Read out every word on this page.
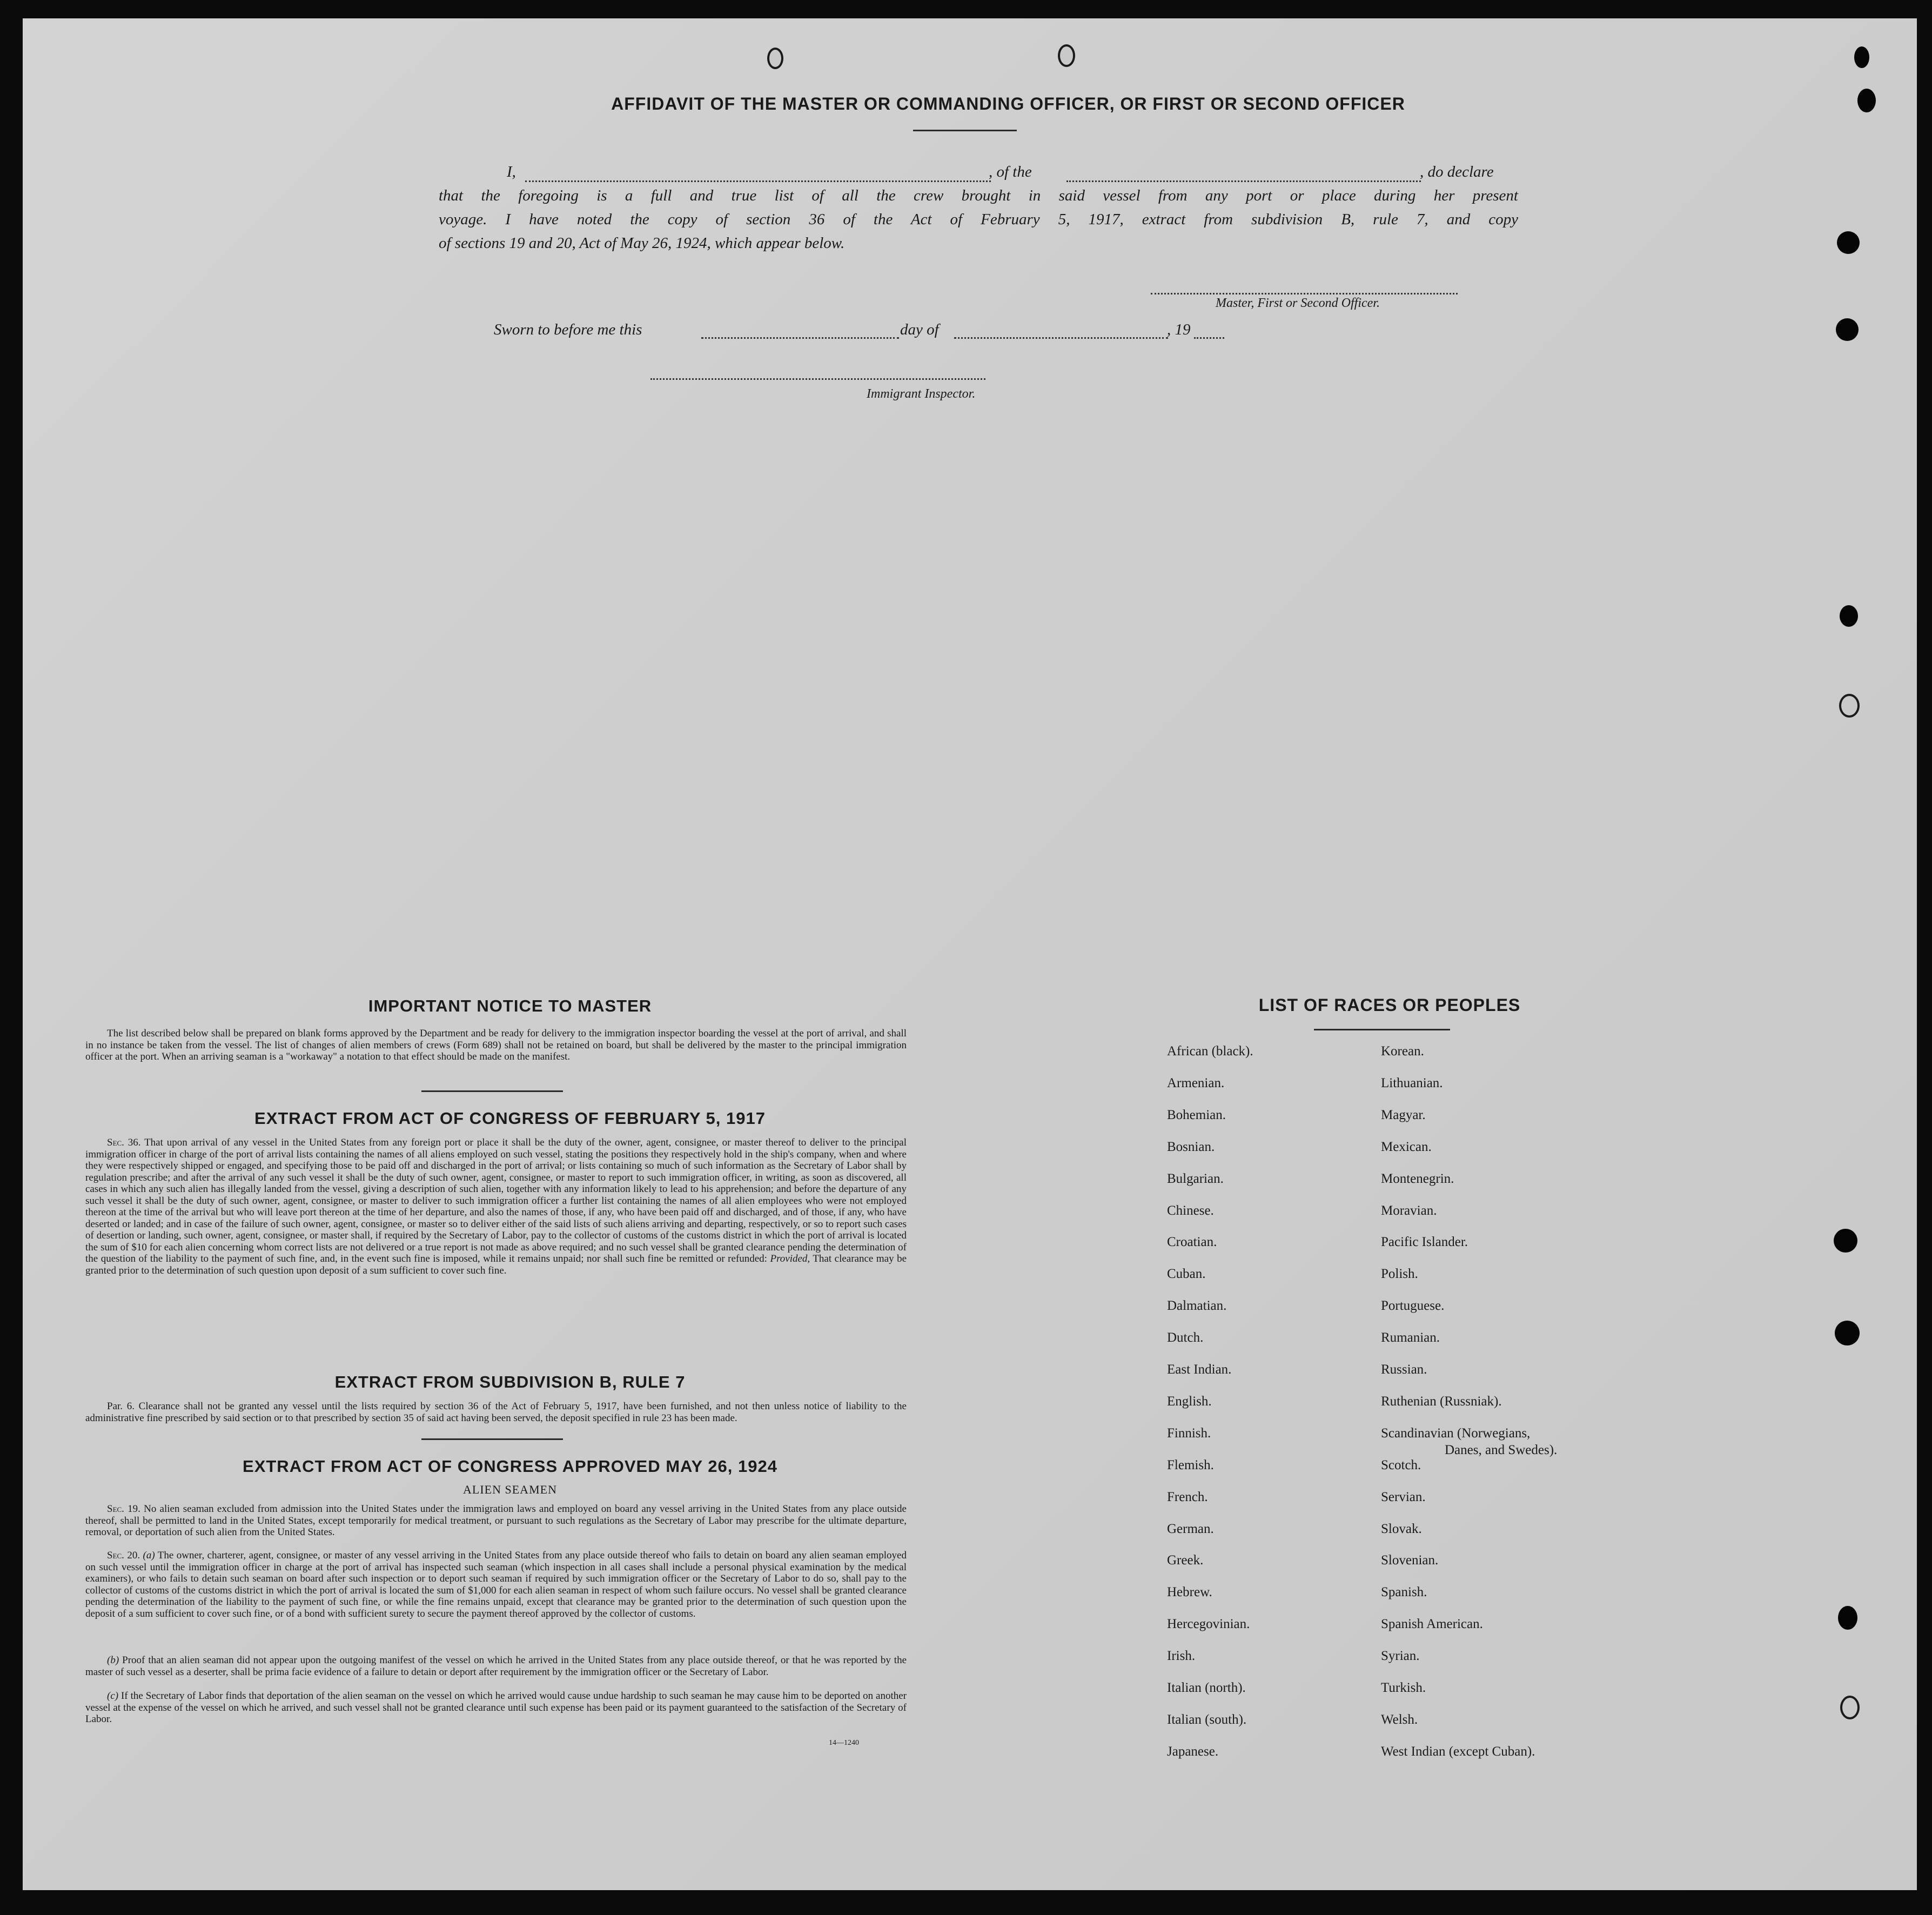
AFFIDAVIT OF THE MASTER OR COMMANDING OFFICER, OR FIRST OR SECOND OFFICER
I,	, of the	, do declare
that the foregoing is a full and true list of all the crew brought in said vessel from any port or place during her present
voyage. I have noted the copy of section 36 of the Act of February 5, 1917, extract from subdivision B, rule 7, and copy
of sections 19 and 20, Act of May 26, 1924, which appear below.
Master, First or Second Officer.
Sworn to before me this	day of	, 19
Immigrant Inspector.
IMPORTANT NOTICE TO MASTER
The list described below shall be prepared on blank forms approved by the Department and be ready for delivery to the immigration inspector boarding the vessel at the port of arrival, and shall in no instance be taken from the vessel. The list of changes of alien members of crews (Form 689) shall not be retained on board, but shall be delivered by the master to the principal immigration officer at the port. When an arriving seaman is a "workaway" a notation to that effect should be made on the manifest.
EXTRACT FROM ACT OF CONGRESS OF FEBRUARY 5, 1917
Sec. 36. That upon arrival of any vessel in the United States from any foreign port or place it shall be the duty of the owner, agent, consignee, or master thereof to deliver to the principal immigration officer in charge of the port of arrival lists containing the names of all aliens employed on such vessel, stating the positions they respectively hold in the ship's company, when and where they were respectively shipped or engaged, and specifying those to be paid off and discharged in the port of arrival; or lists containing so much of such information as the Secretary of Labor shall by regulation prescribe; and after the arrival of any such vessel it shall be the duty of such owner, agent, consignee, or master to report to such immigration officer, in writing, as soon as discovered, all cases in which any such alien has illegally landed from the vessel, giving a description of such alien, together with any information likely to lead to his apprehension; and before the departure of any such vessel it shall be the duty of such owner, agent, consignee, or master to deliver to such immigration officer a further list containing the names of all alien employees who were not employed thereon at the time of the arrival but who will leave port thereon at the time of her departure, and also the names of those, if any, who have been paid off and discharged, and of those, if any, who have deserted or landed; and in case of the failure of such owner, agent, consignee, or master so to deliver either of the said lists of such aliens arriving and departing, respectively, or so to report such cases of desertion or landing, such owner, agent, consignee, or master shall, if required by the Secretary of Labor, pay to the collector of customs of the customs district in which the port of arrival is located the sum of $10 for each alien concerning whom correct lists are not delivered or a true report is not made as above required; and no such vessel shall be granted clearance pending the determination of the question of the liability to the payment of such fine, and, in the event such fine is imposed, while it remains unpaid; nor shall such fine be remitted or refunded: Provided, That clearance may be granted prior to the determination of such question upon deposit of a sum sufficient to cover such fine.
EXTRACT FROM SUBDIVISION B, RULE 7
Par. 6. Clearance shall not be granted any vessel until the lists required by section 36 of the Act of February 5, 1917, have been furnished, and not then unless notice of liability to the administrative fine prescribed by said section or to that prescribed by section 35 of said act having been served, the deposit specified in rule 23 has been made.
EXTRACT FROM ACT OF CONGRESS APPROVED MAY 26, 1924
ALIEN SEAMEN
Sec. 19. No alien seaman excluded from admission into the United States under the immigration laws and employed on board any vessel arriving in the United States from any place outside thereof, shall be permitted to land in the United States, except temporarily for medical treatment, or pursuant to such regulations as the Secretary of Labor may prescribe for the ultimate departure, removal, or deportation of such alien from the United States.
Sec. 20. (a) The owner, charterer, agent, consignee, or master of any vessel arriving in the United States from any place outside thereof who fails to detain on board any alien seaman employed on such vessel until the immigration officer in charge at the port of arrival has inspected such seaman (which inspection in all cases shall include a personal physical examination by the medical examiners), or who fails to detain such seaman on board after such inspection or to deport such seaman if required by such immigration officer or the Secretary of Labor to do so, shall pay to the collector of customs of the customs district in which the port of arrival is located the sum of $1,000 for each alien seaman in respect of whom such failure occurs. No vessel shall be granted clearance pending the determination of the liability to the payment of such fine, or while the fine remains unpaid, except that clearance may be granted prior to the determination of such question upon the deposit of a sum sufficient to cover such fine, or of a bond with sufficient surety to secure the payment thereof approved by the collector of customs.
(b) Proof that an alien seaman did not appear upon the outgoing manifest of the vessel on which he arrived in the United States from any place outside thereof, or that he was reported by the master of such vessel as a deserter, shall be prima facie evidence of a failure to detain or deport after requirement by the immigration officer or the Secretary of Labor.
(c) If the Secretary of Labor finds that deportation of the alien seaman on the vessel on which he arrived would cause undue hardship to such seaman he may cause him to be deported on another vessel at the expense of the vessel on which he arrived, and such vessel shall not be granted clearance until such expense has been paid or its payment guaranteed to the satisfaction of the Secretary of Labor.
14—1240
LIST OF RACES OR PEOPLES
African (black).
Armenian.
Bohemian.
Bosnian.
Bulgarian.
Chinese.
Croatian.
Cuban.
Dalmatian.
Dutch.
East Indian.
English.
Finnish.
Flemish.
French.
German.
Greek.
Hebrew.
Hercegovinian.
Irish.
Italian (north).
Italian (south).
Japanese.
Korean.
Lithuanian.
Magyar.
Mexican.
Montenegrin.
Moravian.
Pacific Islander.
Polish.
Portuguese.
Rumanian.
Russian.
Ruthenian (Russniak).
Scandinavian (Norwegians,
Scotch.
Servian.
Slovak.
Slovenian.
Spanish.
Spanish American.
Syrian.
Turkish.
Welsh.
West Indian (except Cuban).
Danes, and Swedes).
